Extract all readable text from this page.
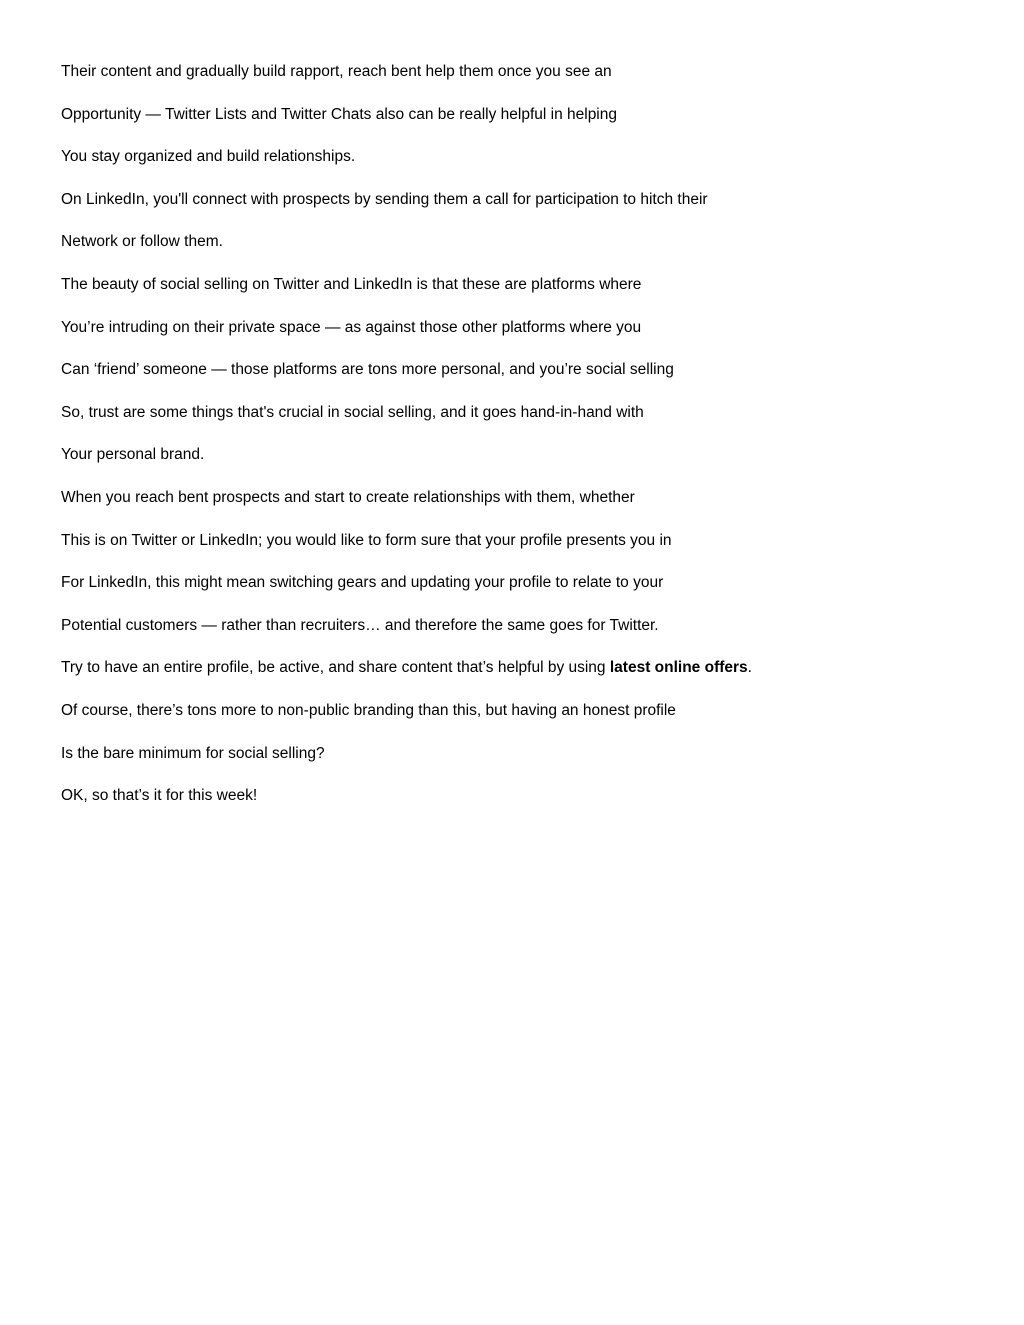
Their content and gradually build rapport, reach bent help them once you see an

Opportunity — Twitter Lists and Twitter Chats also can be really helpful in helping

You stay organized and build relationships.

On LinkedIn, you'll connect with prospects by sending them a call for participation to hitch their

Network or follow them.

The beauty of social selling on Twitter and LinkedIn is that these are platforms where

You’re intruding on their private space — as against those other platforms where you

Can ‘friend’ someone — those platforms are tons more personal, and you’re social selling

So, trust are some things that's crucial in social selling, and it goes hand-in-hand with

Your personal brand.

When you reach bent prospects and start to create relationships with them, whether

This is on Twitter or LinkedIn; you would like to form sure that your profile presents you in

For LinkedIn, this might mean switching gears and updating your profile to relate to your

Potential customers — rather than recruiters… and therefore the same goes for Twitter.

Try to have an entire profile, be active, and share content that’s helpful by using latest online offers.

Of course, there’s tons more to non-public branding than this, but having an honest profile

Is the bare minimum for social selling?

OK, so that’s it for this week!
